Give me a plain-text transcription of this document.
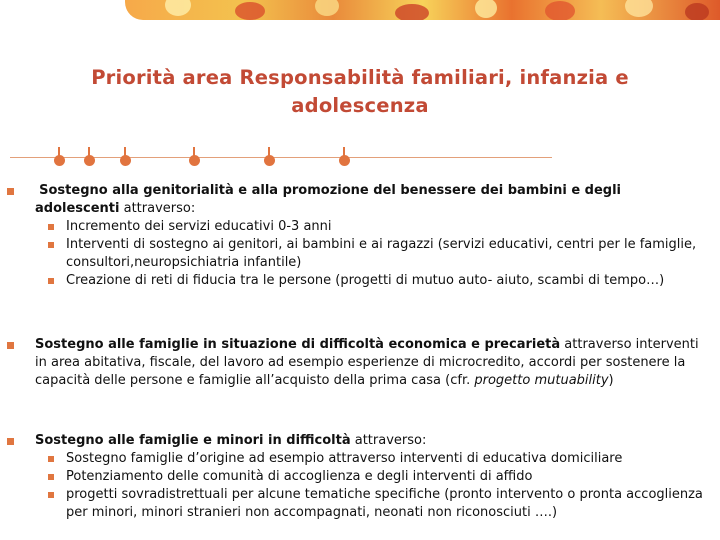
Priorità area Responsabilità familiari, infanzia e
adolescenza
Sostegno alla genitorialità e alla promozione del benessere dei bambini e degli adolescenti attraverso:
Incremento dei servizi educativi 0-3 anni
Interventi di sostegno ai genitori, ai bambini e ai ragazzi (servizi educativi, centri per le famiglie, consultori,neuropsichiatria infantile)
Creazione di reti di fiducia tra le persone (progetti di mutuo auto- aiuto, scambi di tempo…)
Sostegno alle famiglie in situazione di difficoltà economica e precarietà attraverso interventi in area abitativa, fiscale, del lavoro ad esempio esperienze di microcredito, accordi per sostenere la capacità delle persone e famiglie all’acquisto della prima casa (cfr. progetto mutuability)
Sostegno alle famiglie e minori in difficoltà attraverso:
Sostegno famiglie d’origine ad esempio attraverso interventi di educativa domiciliare
Potenziamento delle comunità di accoglienza e degli interventi di affido
progetti sovradistrettuali per alcune tematiche specifiche (pronto intervento o pronta accoglienza per minori, minori stranieri non accompagnati, neonati non riconosciuti ….)
